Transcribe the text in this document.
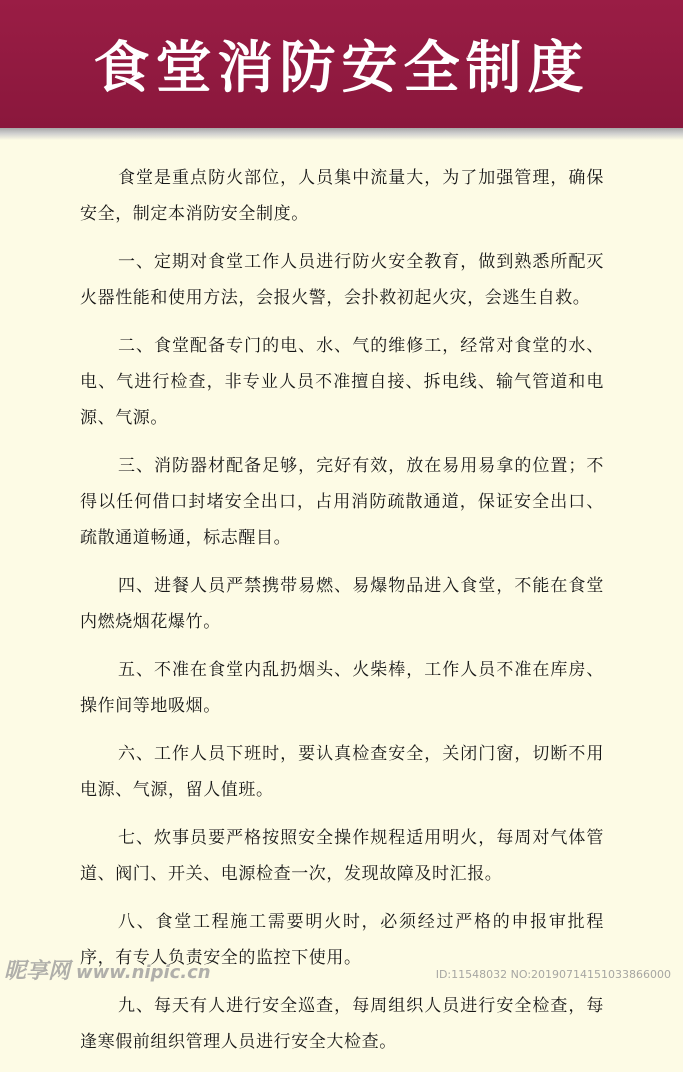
食堂消防安全制度

食堂是重点防火部位，人员集中流量大，为了加强管理，确保安全，制定本消防安全制度。

一、定期对食堂工作人员进行防火安全教育，做到熟悉所配灭火器性能和使用方法，会报火警，会扑救初起火灾，会逃生自救。

二、食堂配备专门的电、水、气的维修工，经常对食堂的水、电、气进行检查，非专业人员不准擅自接、拆电线、输气管道和电源、气源。

三、消防器材配备足够，完好有效，放在易用易拿的位置；不得以任何借口封堵安全出口，占用消防疏散通道，保证安全出口、疏散通道畅通，标志醒目。

四、进餐人员严禁携带易燃、易爆物品进入食堂，不能在食堂内燃烧烟花爆竹。

五、不准在食堂内乱扔烟头、火柴棒，工作人员不准在库房、操作间等地吸烟。

六、工作人员下班时，要认真检查安全，关闭门窗，切断不用电源、气源，留人值班。

七、炊事员要严格按照安全操作规程适用明火，每周对气体管道、阀门、开关、电源检查一次，发现故障及时汇报。

八、食堂工程施工需要明火时，必须经过严格的申报审批程序，有专人负责安全的监控下使用。

九、每天有人进行安全巡查，每周组织人员进行安全检查，每逢寒假前组织管理人员进行安全大检查。

昵享网 www.nipic.cn	ID:11548032 NO:20190714151033866000
